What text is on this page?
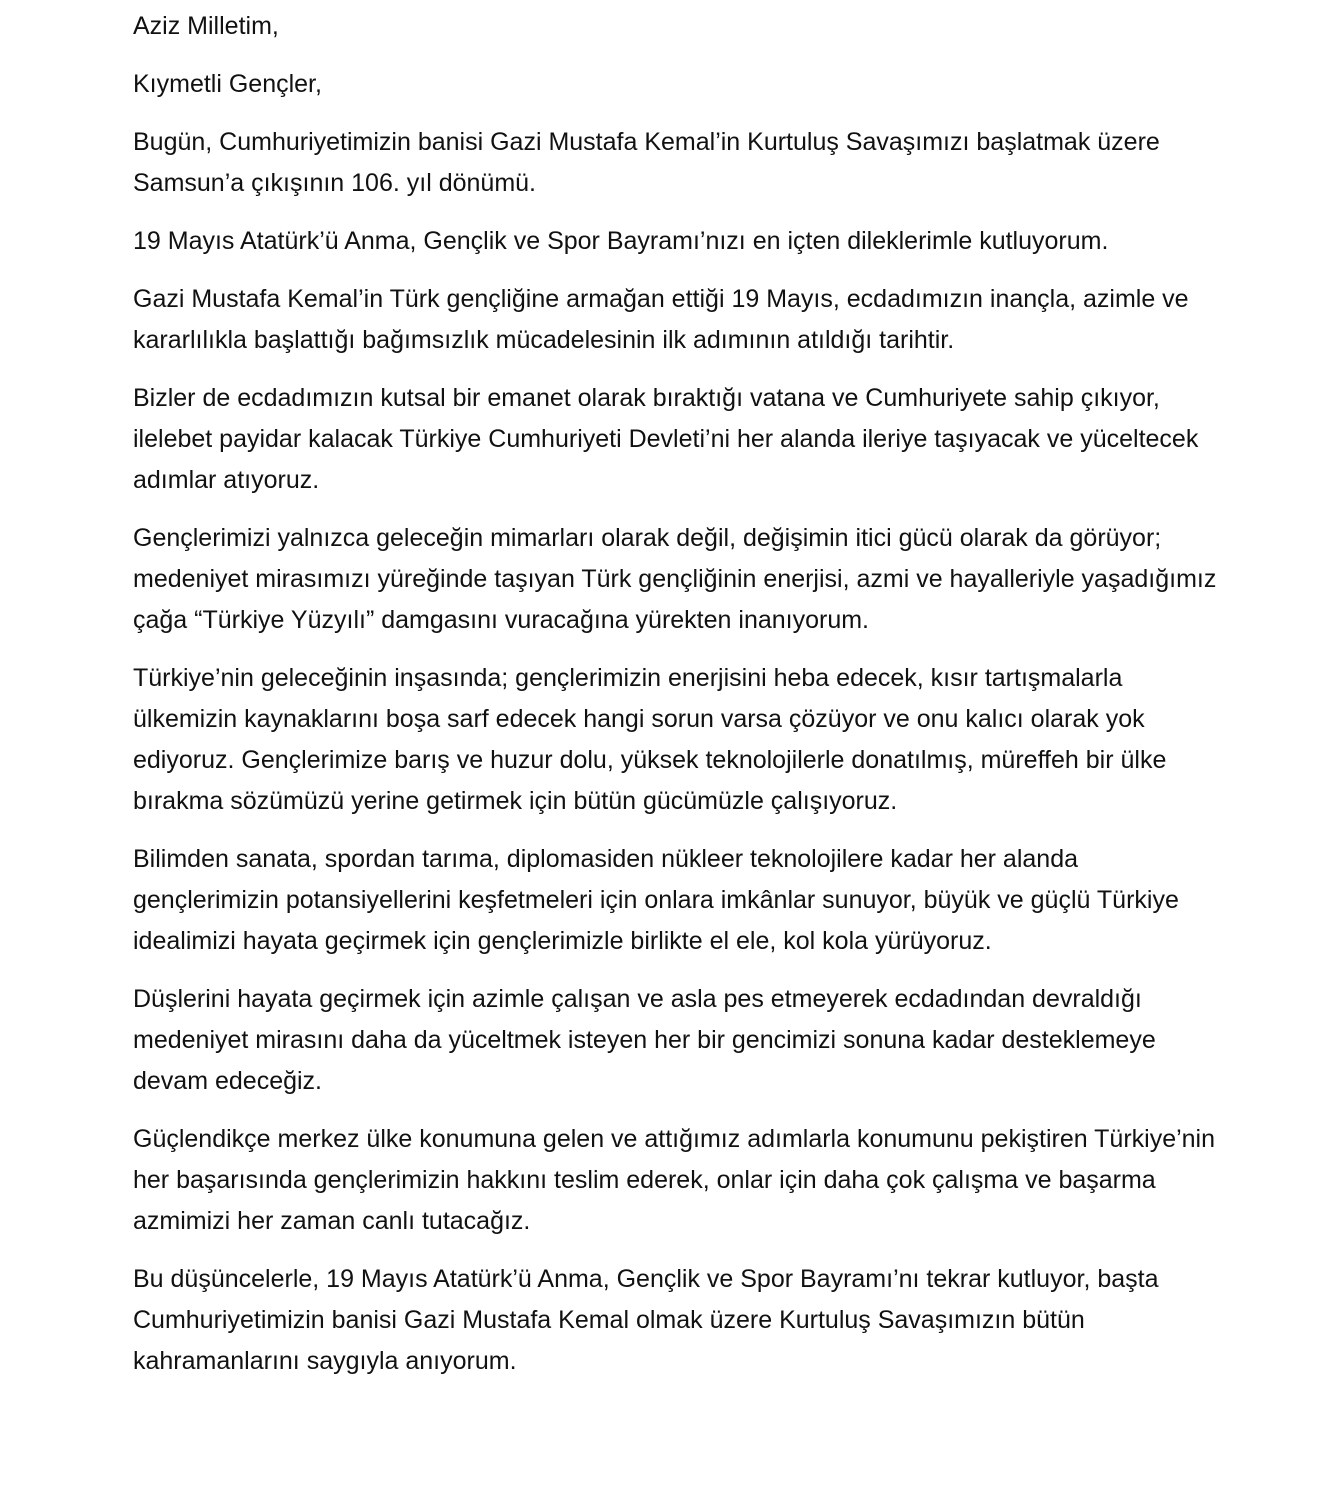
Aziz Milletim,

Kıymetli Gençler,

Bugün, Cumhuriyetimizin banisi Gazi Mustafa Kemal’in Kurtuluş Savaşımızı başlatmak üzere Samsun’a çıkışının 106. yıl dönümü.

19 Mayıs Atatürk’ü Anma, Gençlik ve Spor Bayramı’nızı en içten dileklerimle kutluyorum.

Gazi Mustafa Kemal’in Türk gençliğine armağan ettiği 19 Mayıs, ecdadımızın inançla, azimle ve kararlılıkla başlattığı bağımsızlık mücadelesinin ilk adımının atıldığı tarihtir.

Bizler de ecdadımızın kutsal bir emanet olarak bıraktığı vatana ve Cumhuriyete sahip çıkıyor, ilelebet payidar kalacak Türkiye Cumhuriyeti Devleti’ni her alanda ileriye taşıyacak ve yüceltecek adımlar atıyoruz.

Gençlerimizi yalnızca geleceğin mimarları olarak değil, değişimin itici gücü olarak da görüyor; medeniyet mirasımızı yüreğinde taşıyan Türk gençliğinin enerjisi, azmi ve hayalleriyle yaşadığımız çağa “Türkiye Yüzyılı” damgasını vuracağına yürekten inanıyorum.

Türkiye’nin geleceğinin inşasında; gençlerimizin enerjisini heba edecek, kısır tartışmalarla ülkemizin kaynaklarını boşa sarf edecek hangi sorun varsa çözüyor ve onu kalıcı olarak yok ediyoruz. Gençlerimize barış ve huzur dolu, yüksek teknolojilerle donatılmış, müreffeh bir ülke bırakma sözümüzü yerine getirmek için bütün gücümüzle çalışıyoruz.

Bilimden sanata, spordan tarıma, diplomasiden nükleer teknolojilere kadar her alanda gençlerimizin potansiyellerini keşfetmeleri için onlara imkânlar sunuyor, büyük ve güçlü Türkiye idealimizi hayata geçirmek için gençlerimizle birlikte el ele, kol kola yürüyoruz.

Düşlerini hayata geçirmek için azimle çalışan ve asla pes etmeyerek ecdadından devraldığı medeniyet mirasını daha da yüceltmek isteyen her bir gencimizi sonuna kadar desteklemeye devam edeceğiz.

Güçlendikçe merkez ülke konumuna gelen ve attığımız adımlarla konumunu pekiştiren Türkiye’nin her başarısında gençlerimizin hakkını teslim ederek, onlar için daha çok çalışma ve başarma azmimizi her zaman canlı tutacağız.

Bu düşüncelerle, 19 Mayıs Atatürk’ü Anma, Gençlik ve Spor Bayramı’nı tekrar kutluyor, başta Cumhuriyetimizin banisi Gazi Mustafa Kemal olmak üzere Kurtuluş Savaşımızın bütün kahramanlarını saygıyla anıyorum.
